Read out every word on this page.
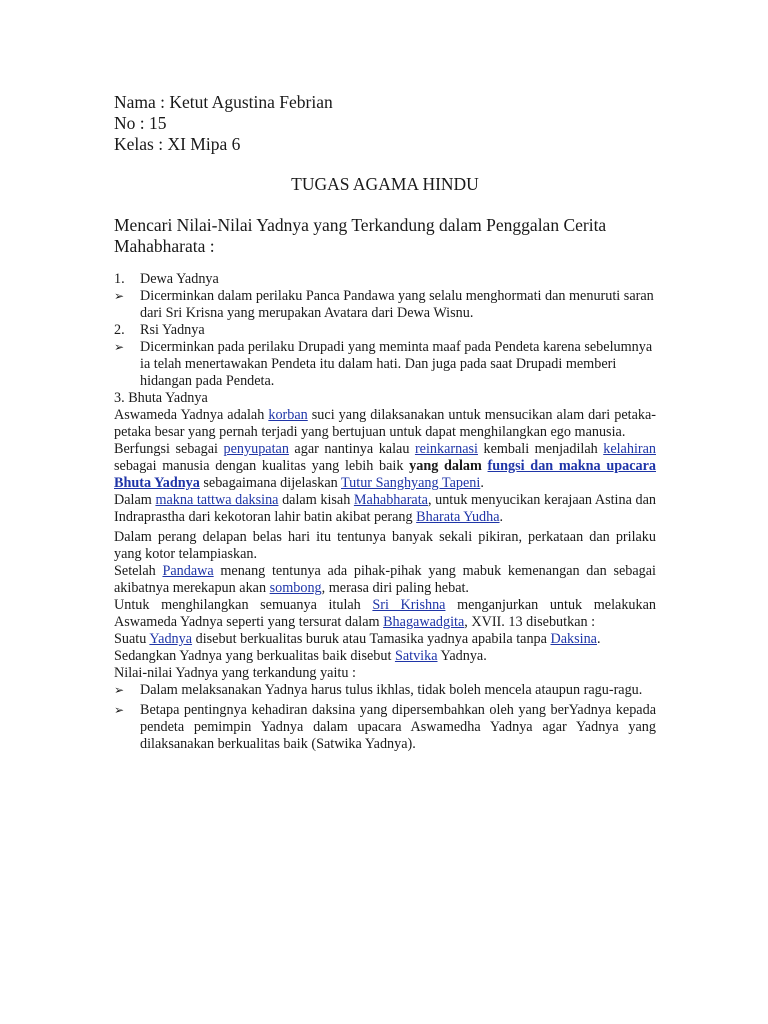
Nama : Ketut Agustina Febrian
No : 15
Kelas : XI Mipa 6
TUGAS AGAMA HINDU
Mencari Nilai-Nilai Yadnya yang Terkandung dalam Penggalan Cerita
Mahabharata :
1.	Dewa Yadnya
➢	Dicerminkan dalam perilaku Panca Pandawa yang selalu menghormati dan menuruti saran dari Sri Krisna yang merupakan Avatara dari Dewa Wisnu.
2.	Rsi Yadnya
➢	Dicerminkan pada perilaku Drupadi yang meminta maaf pada Pendeta karena sebelumnya ia telah menertawakan Pendeta itu dalam hati. Dan juga pada saat Drupadi memberi hidangan pada Pendeta.
3. Bhuta Yadnya
Aswameda Yadnya adalah korban suci yang dilaksanakan untuk mensucikan alam dari petaka-petaka besar yang pernah terjadi yang bertujuan untuk dapat menghilangkan ego manusia.
Berfungsi sebagai penyupatan agar nantinya kalau reinkarnasi kembali menjadilah kelahiran sebagai manusia dengan kualitas yang lebih baik yang dalam fungsi dan makna upacara Bhuta Yadnya sebagaimana dijelaskan Tutur Sanghyang Tapeni.
Dalam makna tattwa daksina dalam kisah Mahabharata, untuk menyucikan kerajaan Astina dan Indraprastha dari kekotoran lahir batin akibat perang Bharata Yudha.
Dalam perang delapan belas hari itu tentunya banyak sekali pikiran, perkataan dan prilaku yang kotor telampiaskan.
Setelah Pandawa menang tentunya ada pihak-pihak yang mabuk kemenangan dan sebagai akibatnya merekapun akan sombong, merasa diri paling hebat.
Untuk menghilangkan semuanya itulah Sri Krishna menganjurkan untuk melakukan Aswameda Yadnya seperti yang tersurat dalam Bhagawadgita, XVII. 13 disebutkan :
Suatu Yadnya disebut berkualitas buruk atau Tamasika yadnya apabila tanpa Daksina.
Sedangkan Yadnya yang berkualitas baik disebut Satvika Yadnya.
Nilai-nilai Yadnya yang terkandung yaitu :
➢	Dalam melaksanakan Yadnya harus tulus ikhlas, tidak boleh mencela ataupun ragu-ragu.
➢	Betapa pentingnya kehadiran daksina yang dipersembahkan oleh yang berYadnya kepada pendeta pemimpin Yadnya dalam upacara Aswamedha Yadnya agar Yadnya yang dilaksanakan berkualitas baik (Satwika Yadnya).
